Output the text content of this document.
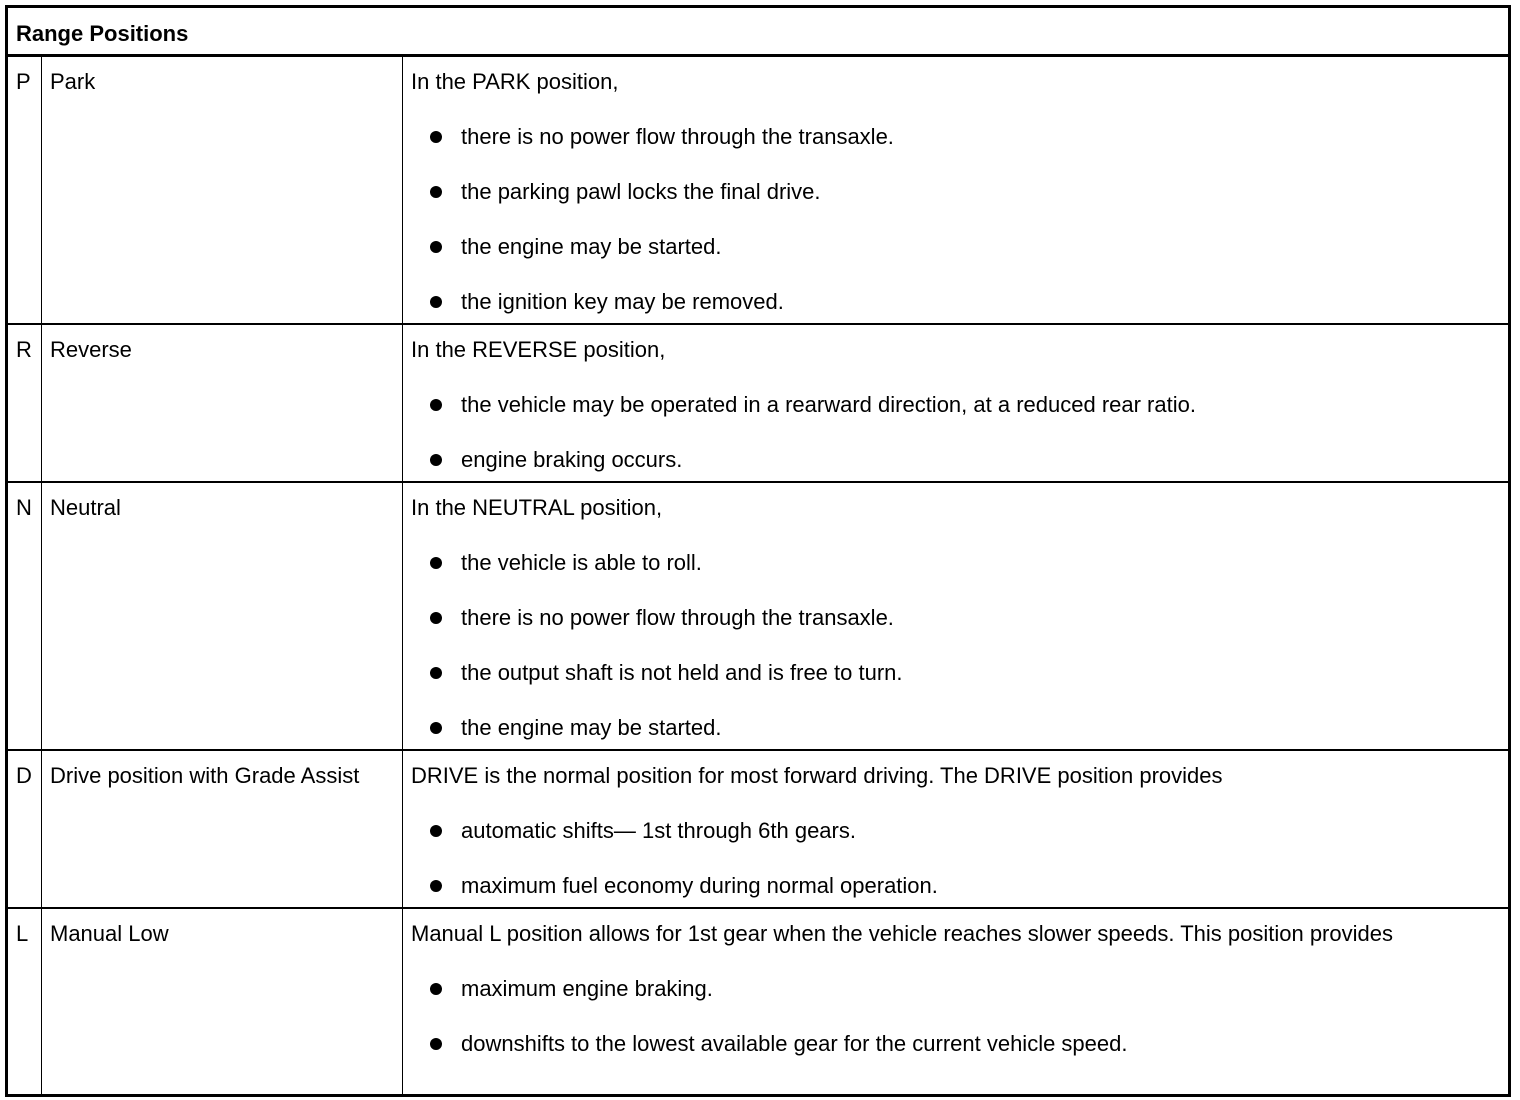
Range Positions
P Park	In the PARK position,

there is no power flow through the transaxle.
the parking pawl locks the final drive.
the engine may be started.
the ignition key may be removed.
R Reverse	In the REVERSE position,

the vehicle may be operated in a rearward direction, at a reduced rear ratio.
engine braking occurs.
N Neutral	In the NEUTRAL position,

the vehicle is able to roll.
there is no power flow through the transaxle.
the output shaft is not held and is free to turn.
the engine may be started.
D Drive position with Grade Assist	DRIVE is the normal position for most forward driving. The DRIVE position provides

automatic shifts— 1st through 6th gears.
maximum fuel economy during normal operation.
L Manual Low	Manual L position allows for 1st gear when the vehicle reaches slower speeds. This position provides

maximum engine braking.
downshifts to the lowest available gear for the current vehicle speed.
